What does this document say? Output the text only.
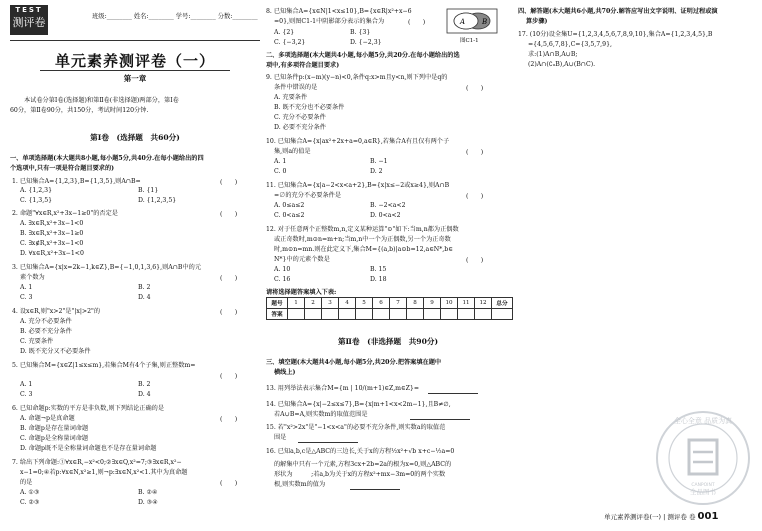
TEST
测评卷	班级:________ 姓名:________ 学号:________ 分数:________
单元素养测评卷（一）
第一章
本试卷分第Ⅰ卷(选择题)和第Ⅱ卷(非选择题)两部分，第Ⅰ卷
60分，第Ⅱ卷90分，共150分，考试时间120分钟.
第Ⅰ卷　(选择题　共60分)
一、单项选择题(本大题共8小题,每小题5分,共40分.在每小题给出的四
个选项中,只有一项是符合题目要求的)
1. 已知集合A={1,2,3},B={1,3,5},则A∩B=	(　　)
A. {1,2,3}	B. {1}
C. {1,3,5}	D. {1,2,3,5}
2. 命题"∀x∈R,x²+3x−1≥0"的否定是	(　　)
A. ∃x∈R,x²+3x−1<0
B. ∃x∈R,x²+3x−1≥0
C. ∃x∉R,x²+3x−1<0
D. ∀x∈R,x²+3x−1<0
3. 已知集合A={x|x=2k−1,k∈Z},B={−1,0,1,3,6},则A∩B中的元
素个数为	(　　)
A. 1	B. 2
C. 3	D. 4
4. 设x∈R,则"x>2"是"|x|>2"的	(　　)
A. 充分不必要条件
B. 必要不充分条件
C. 充要条件
D. 既不充分又不必要条件
5. 已知集合M={x∈Z|1≤x≤m},若集合M有4个子集,则正整数m=
(　　)
A. 1	B. 2
C. 3	D. 4
6. 已知命题p:实数的平方是非负数,则下列结论正确的是
(　　)
A. 命题¬p是真命题
B. 命题p是存在量词命题
C. 命题p是全称量词命题
D. 命题p既不是全称量词命题也不是存在量词命题
7. 给出下列命题:①∀x∈R,−x²<0;②∃x∈Q,x²=7;③∃x∈R,x²−
x−1=0;④若p:∀x∈N,x²≥1,则¬p:∃x∈N,x²<1.其中为真命题
的是	(　　)
A. ①③	B. ②④
C. ②③	D. ③④
8. 已知集合A={x∈N|1<x≤10},B={x∈R|x²+x−6
=0},则图C1-1中阴影部分表示的集合为	(　　)	A B
图C1-1
A. {2}	B. {3}
C. {−3,2}	D. {−2,3}
二、多项选择题(本大题共4小题,每小题5分,共20分.在每小题给出的选
项中,有多项符合题目要求)
9. 已知条件p:(x−m)(y−n)<0,条件q:x>m且y<n,则下列中是q的
条件中错误的是	(　　)
A. 充要条件
B. 既不充分也不必要条件
C. 充分不必要条件
D. 必要不充分条件
10. 已知集合A={x|ax²+2x+a=0,a∈R},若集合A有且仅有两个子
集,则a的值是	(　　)
A. 1	B. −1
C. 0	D. 2
11. 已知集合A={x|a−2<x<a+2},B={x|x≤−2或x≥4},则A∩B
=∅的充分不必要条件是	(　　)
A. 0≤a≤2	B. −2<a<2
C. 0<a≤2	D. 0<a<2
12. 对于任意两个正整数m,n,定义某种运算"⊙"如下:当m,n都为正偶数
或正奇数时,m⊙n=m+n;当m,n中一个为正偶数,另一个为正奇数
时,m⊙n=mn.则在此定义下,集合M={(a,b)|a⊙b=12,a∈N*,b∈
N*}中的元素个数是	(　　)
A. 10	B. 15
C. 16	D. 18
请将选择题答案填入下表:
题号	1	2	3	4	5	6	7	8	9	10	11	12	总分
答案													
第Ⅱ卷　(非选择题　共90分)
三、填空题(本大题共4小题,每小题5分,共20分.把答案填在题中
横线上)
13. 用列举法表示集合M={m | 10/(m+1)∈Z,m∈Z}=
14. 已知集合A={x|−2≤x≤7},B={x|m+1<x<2m−1},且B≠∅,
若A∪B=A,则实数m的取值范围是
15. 若"x²>2x"是"−1<x<a"的必要不充分条件,则实数a的取值范
围是
16. 已知a,b,c是△ABC的三边长,关于x的方程½x²+√b x+c−½a=0
的解集中只有一个元素,方程3cx+2b=2a的根为x=0,则△ABC的
形状为　　　;若a,b为关于x的方程x²+mx−3m=0的两个实数
根,则实数m的值为
四、解答题(本大题共6小题,共70分.解答应写出文字说明、证明过程或演
算步骤)
17. (10分)设全集U={1,2,3,4,5,6,7,8,9,10},集合A={1,2,3,4,5},B
={4,5,6,7,8},C={3,5,7,9},
求:(1)A∩B,A∪B;
(2)A∩(∁ᵤB),A∪(B∩C).
全心全意 品质为真
全品图书
CANPOINT
单元素养测评卷(一) | 测评卷 卷 001
